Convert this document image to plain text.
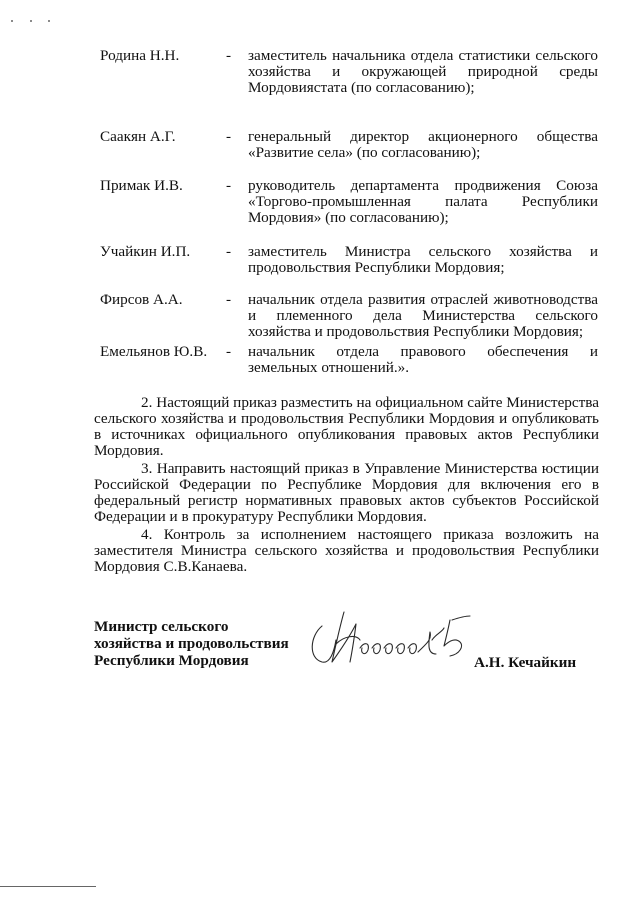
Родина Н.Н.	- заместитель начальника отдела статистики сельского хозяйства и окружающей природной среды Мордовиястата (по согласованию);
Саакян А.Г.	- генеральный директор акционерного общества «Развитие села» (по согласованию);
Примак И.В.	- руководитель департамента продвижения Союза «Торгово-промышленная палата Республики Мордовия» (по согласованию);
Учайкин И.П. - заместитель Министра сельского хозяйства и продовольствия Республики Мордовия;
Фирсов А.А.	- начальник отдела развития отраслей животноводства и племенного дела Министерства сельского хозяйства и продовольствия Республики Мордовия;
Емельянов Ю.В. - начальник отдела правового обеспечения и земельных отношений.».

2. Настоящий приказ разместить на официальном сайте Министерства сельского хозяйства и продовольствия Республики Мордовия и опубликовать в источниках официального опубликования правовых актов Республики Мордовия.

3. Направить настоящий приказ в Управление Министерства юстиции Российской Федерации по Республике Мордовия для включения его в федеральный регистр нормативных правовых актов субъектов Российской Федерации и в прокуратуру Республики Мордовия.

4. Контроль за исполнением настоящего приказа возложить на заместителя Министра сельского хозяйства и продовольствия Республики Мордовия С.В.Канаева.

Министр сельского
хозяйства и продовольствия
Республики Мордовия	А.Н. Кечайкин
